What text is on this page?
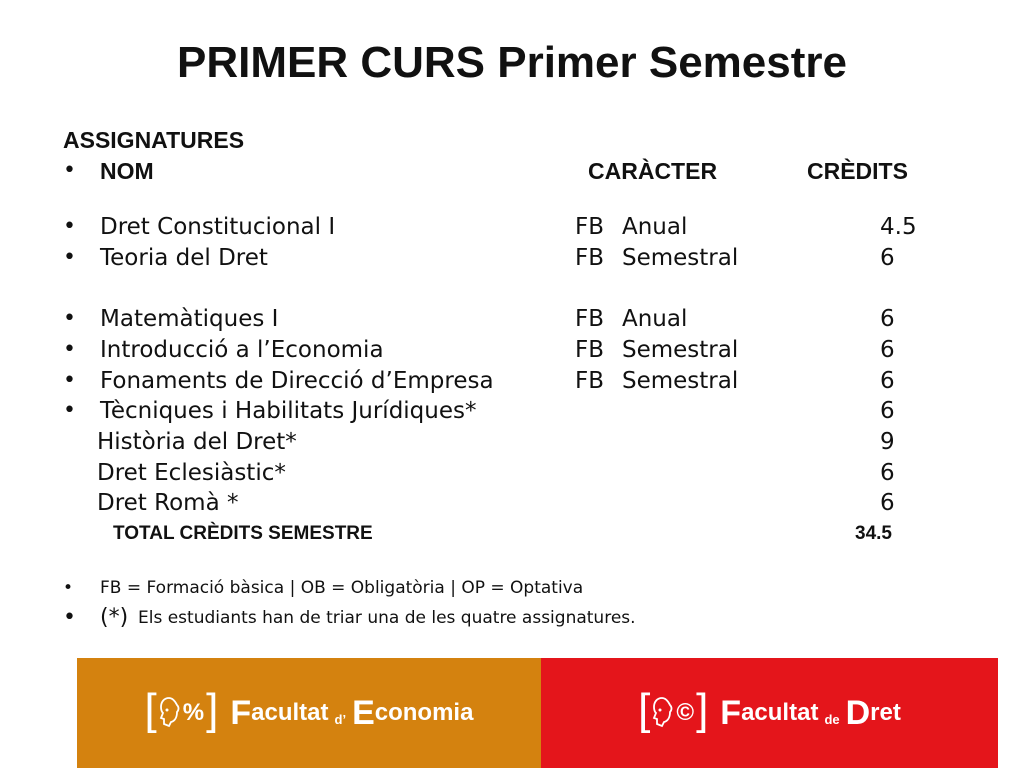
PRIMER CURS Primer Semestre
ASSIGNATURES
• NOM	CARÀCTER	CRÈDITS
• Dret Constitucional I	FB Anual	4.5
• Teoria del Dret	FB Semestral	6
• Matemàtiques I	FB Anual	6
• Introducció a l’Economia	FB Semestral	6
• Fonaments de Direcció d’Empresa	FB Semestral	6
• Tècniques i Habilitats Jurídiques*	6
Història del Dret*	9
Dret Eclesiàstic*	6
Dret Romà *	6
TOTAL CRÈDITS SEMESTRE	34.5
• FB = Formació bàsica | OB = Obligatòria | OP = Optativa
• (*) Els estudiants han de triar una de les quatre assignatures.
[ % ] F acultat d’ E conomia	[ © ] F acultat de D ret
